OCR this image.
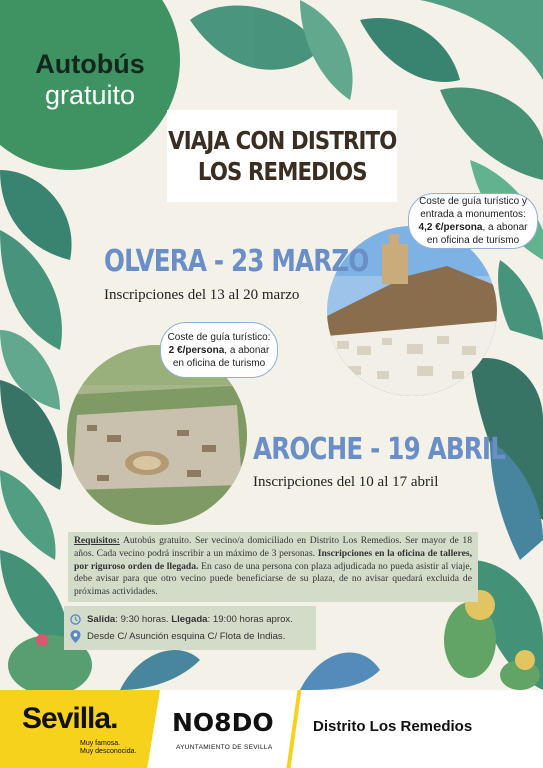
Autobús
gratuito
VIAJA CON DISTRITO
LOS REMEDIOS
Coste de guía turístico y
entrada a monumentos:
4,2 €/persona, a abonar
en oficina de turismo
OLVERA - 23 MARZO
Inscripciones del 13 al 20 marzo
Coste de guía turístico:
2 €/persona, a abonar
en oficina de turismo
AROCHE - 19 ABRIL
Inscripciones del 10 al 17 abril
Requisitos: Autobús gratuito. Ser vecino/a domiciliado en Distrito Los Remedios. Ser mayor de 18 años. Cada vecino podrá inscribir a un máximo de 3 personas. Inscripciones en la oficina de talleres, por riguroso orden de llegada. En caso de una persona con plaza adjudicada no pueda asistir al viaje, debe avisar para que otro vecino puede beneficiarse de su plaza, de no avisar quedará excluida de próximas actividades.
Salida: 9:30 horas. Llegada: 19:00 horas aprox.
Desde C/ Asunción esquina C/ Flota de Indias.
Sevilla.
Muy famosa.
Muy desconocida.
NO8DO
AYUNTAMIENTO DE SEVILLA
Distrito Los Remedios
